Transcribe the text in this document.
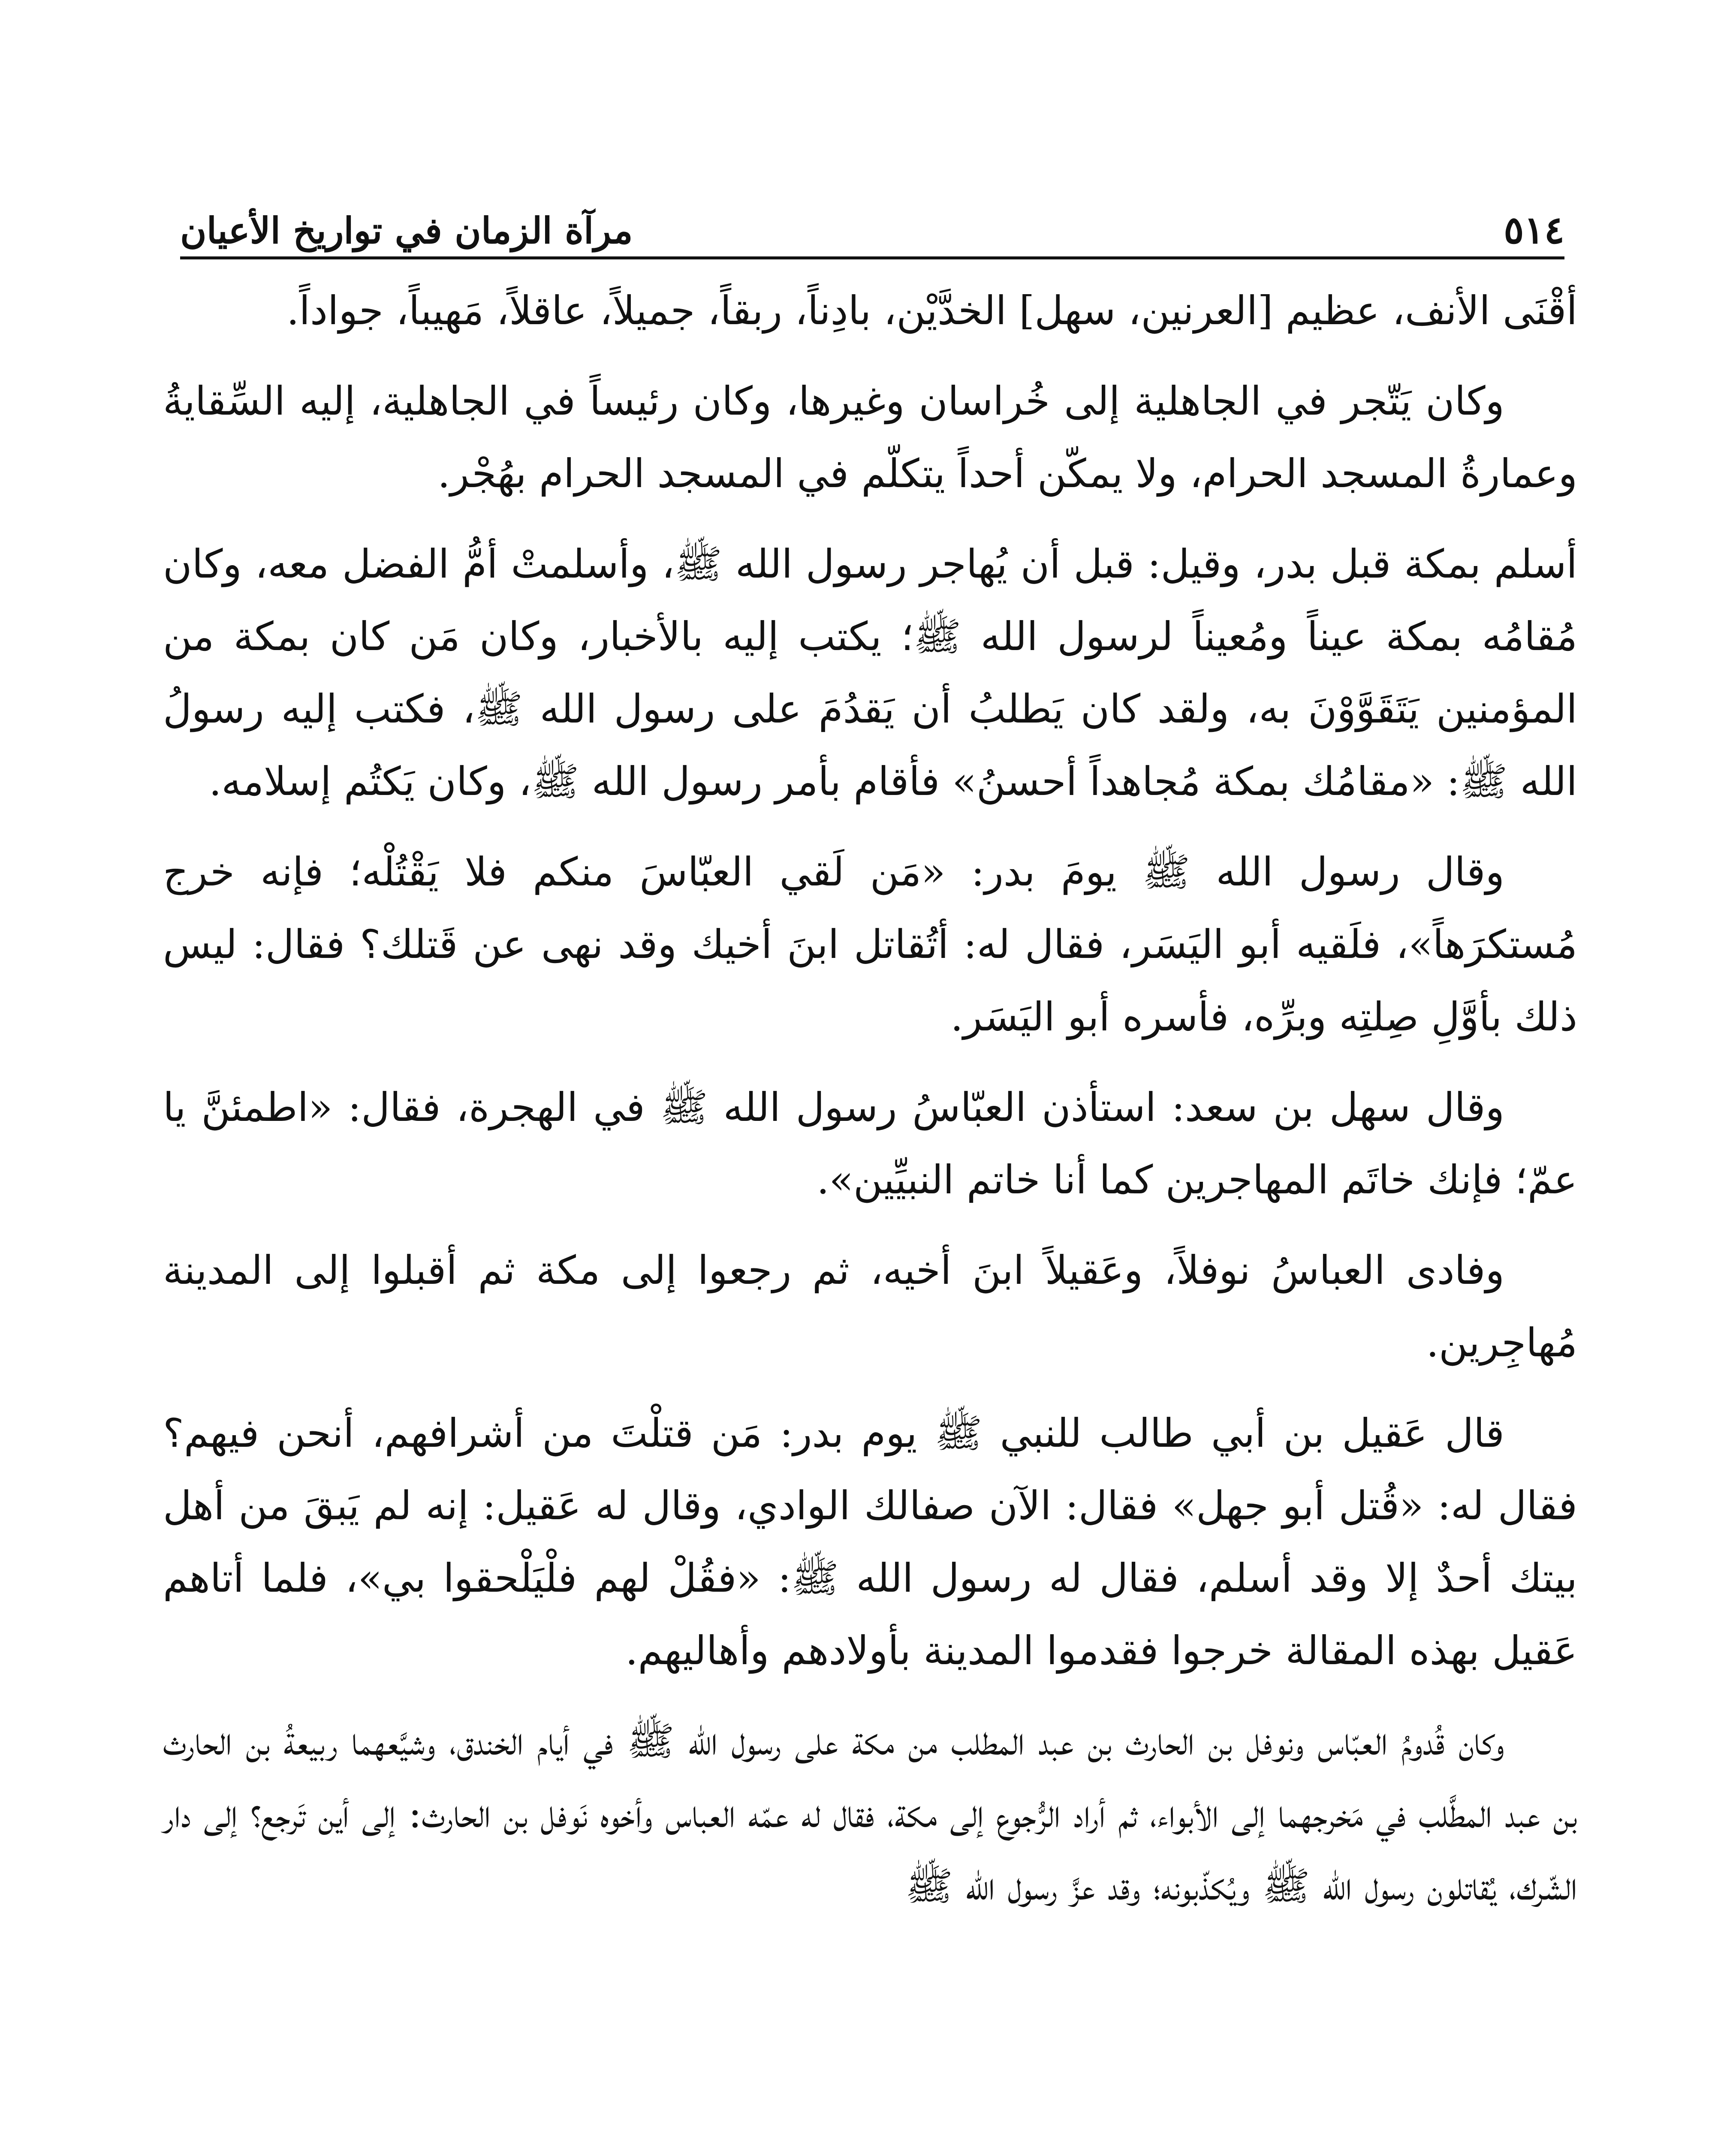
٥١٤
مرآة الزمان في تواريخ الأعيان

أقْنَى الأنف، عظيم [العرنين، سهل] الخدَّيْن، بادِناً، ربقاً، جميلاً، عاقلاً، مَهيباً، جواداً.

وكان يَتّجر في الجاهلية إلى خُراسان وغيرها، وكان رئيساً في الجاهلية، إليه السِّقايةُ وعمارةُ المسجد الحرام، ولا يمكّن أحداً يتكلّم في المسجد الحرام بهُجْر.

أسلم بمكة قبل بدر، وقيل: قبل أن يُهاجر رسول الله ﷺ، وأسلمتْ أمُّ الفضل معه، وكان مُقامُه بمكة عيناً ومُعيناً لرسول الله ﷺ؛ يكتب إليه بالأخبار، وكان مَن كان بمكة من المؤمنين يَتَقَوَّوْنَ به، ولقد كان يَطلبُ أن يَقدُمَ على رسول الله ﷺ، فكتب إليه رسولُ الله ﷺ: «مقامُك بمكة مُجاهداً أحسنُ» فأقام بأمر رسول الله ﷺ، وكان يَكتُم إسلامه.

وقال رسول الله ﷺ يومَ بدر: «مَن لَقي العبّاسَ منكم فلا يَقْتُلْه؛ فإنه خرج مُستكرَهاً»، فلَقيه أبو اليَسَر، فقال له: أتُقاتل ابنَ أخيك وقد نهى عن قَتلك؟ فقال: ليس ذلك بأوَّلِ صِلتِه وبرِّه، فأسره أبو اليَسَر.

وقال سهل بن سعد: استأذن العبّاسُ رسول الله ﷺ في الهجرة، فقال: «اطمئنَّ يا عمّ؛ فإنك خاتَم المهاجرين كما أنا خاتم النبيِّين».

وفادى العباسُ نوفلاً، وعَقيلاً ابنَ أخيه، ثم رجعوا إلى مكة ثم أقبلوا إلى المدينة مُهاجِرين.

قال عَقيل بن أبي طالب للنبي ﷺ يوم بدر: مَن قتلْتَ من أشرافهم، أنحن فيهم؟ فقال له: «قُتل أبو جهل» فقال: الآن صفالك الوادي، وقال له عَقيل: إنه لم يَبقَ من أهل بيتك أحدٌ إلا وقد أسلم، فقال له رسول الله ﷺ: «فقُلْ لهم فلْيَلْحقوا بي»، فلما أتاهم عَقيل بهذه المقالة خرجوا فقدموا المدينة بأولادهم وأهاليهم.

وكان قُدومُ العبّاس ونوفل بن الحارث بن عبد المطلب من مكة على رسول الله ﷺ في أيام الخندق، وشيَّعهما ربيعةُ بن الحارث بن عبد المطَّلب في مَخرجهما إلى الأبواء، ثم أراد الرُّجوع إلى مكة، فقال له عمّه العباس وأخوه نَوفل بن الحارث: إلى أين تَرجع؟ إلى دار الشّرك، يُقاتلون رسول الله ﷺ ويُكذّبونه؛ وقد عزَّ رسول الله ﷺ
